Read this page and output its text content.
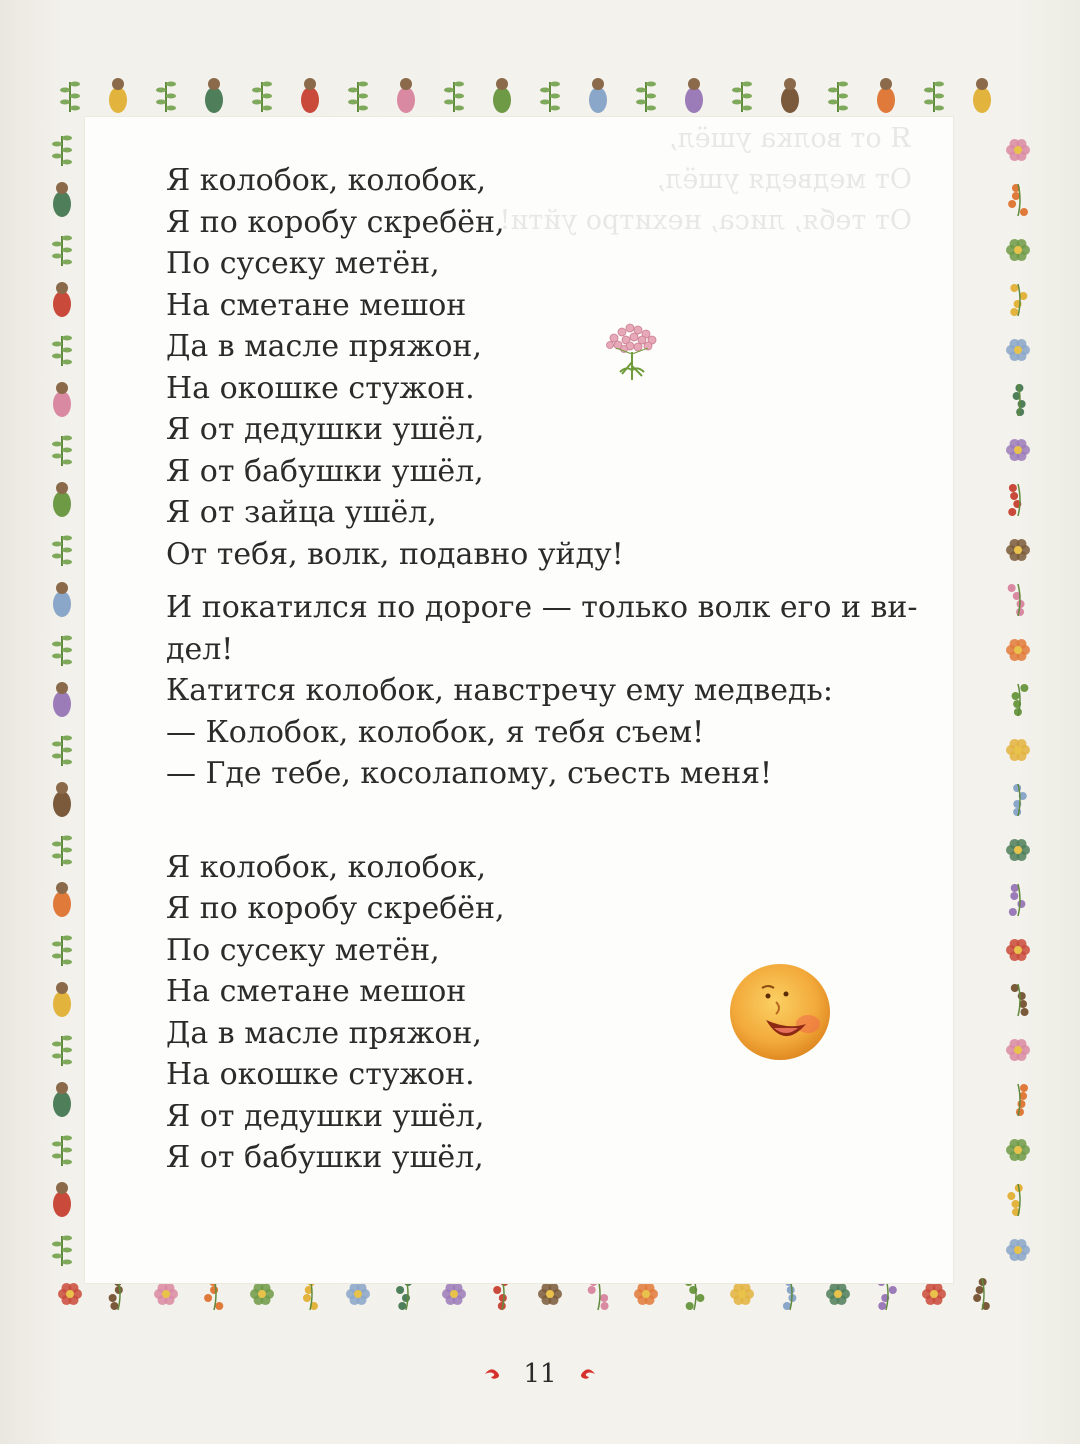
Я колобок, колобок,
Я по коробу скребён,
По сусеку метён,
На сметане мешон
Да в масле пряжон,
На окошке стужон.
Я от дедушки ушёл,
Я от бабушки ушёл,
Я от зайца ушёл,
От тебя, волк, подавно уйду!
И покатился по дороге — только волк его и ви-
дел!
Катится колобок, навстречу ему медведь:
— Колобок, колобок, я тебя съем!
— Где тебе, косолапому, съесть меня!
Я колобок, колобок,
Я по коробу скребён,
По сусеку метён,
На сметане мешон
Да в масле пряжон,
На окошке стужон.
Я от дедушки ушёл,
Я от бабушки ушёл,
11
